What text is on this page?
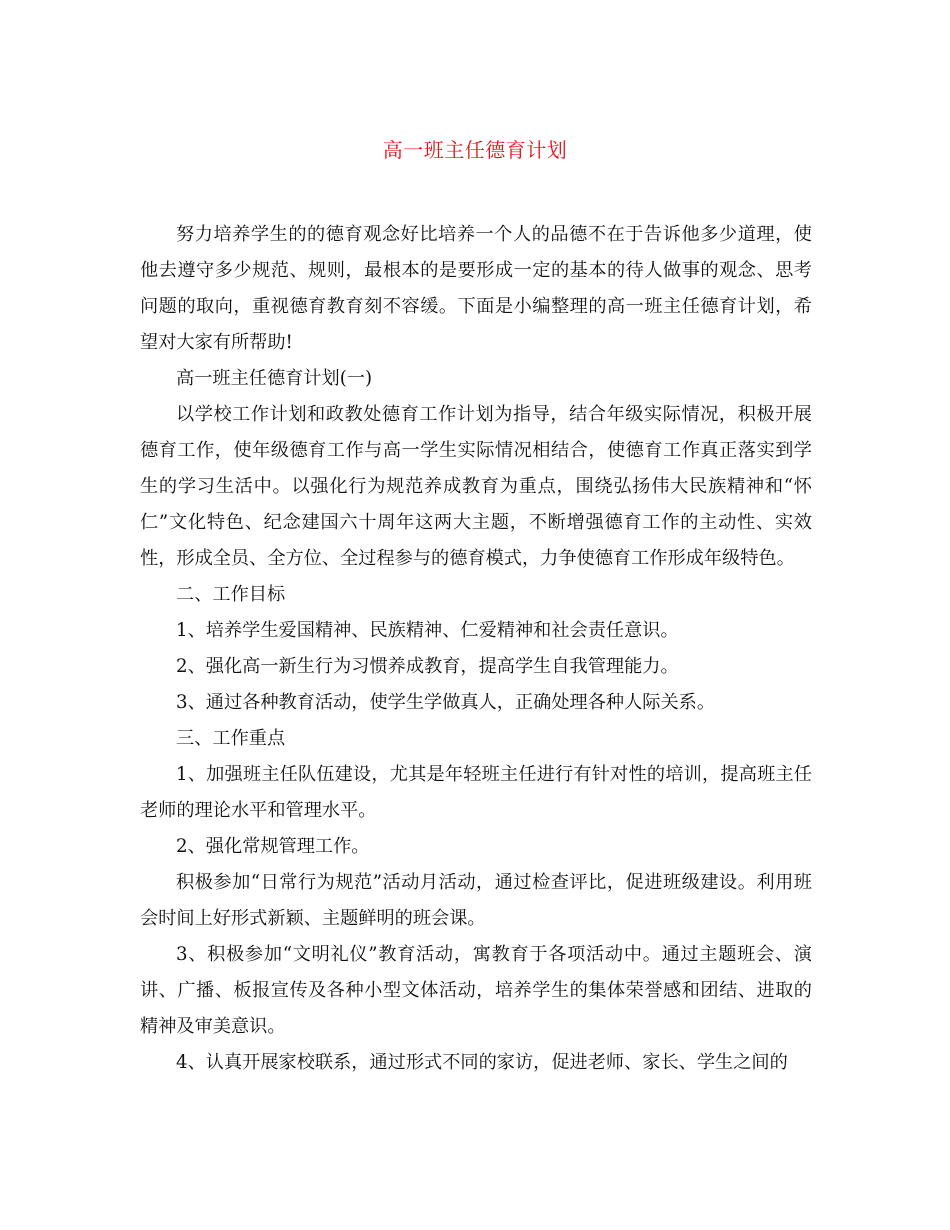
高一班主任德育计划

努力培养学生的的德育观念好比培养一个人的品德不在于告诉他多少道理，使他去遵守多少规范、规则，最根本的是要形成一定的基本的待人做事的观念、思考问题的取向，重视德育教育刻不容缓。下面是小编整理的高一班主任德育计划，希望对大家有所帮助!

高一班主任德育计划(一)

以学校工作计划和政教处德育工作计划为指导，结合年级实际情况，积极开展德育工作，使年级德育工作与高一学生实际情况相结合，使德育工作真正落实到学生的学习生活中。以强化行为规范养成教育为重点，围绕弘扬伟大民族精神和“怀仁”文化特色、纪念建国六十周年这两大主题，不断增强德育工作的主动性、实效性，形成全员、全方位、全过程参与的德育模式，力争使德育工作形成年级特色。

二、工作目标

1、培养学生爱国精神、民族精神、仁爱精神和社会责任意识。

2、强化高一新生行为习惯养成教育，提高学生自我管理能力。

3、通过各种教育活动，使学生学做真人，正确处理各种人际关系。

三、工作重点

1、加强班主任队伍建设，尤其是年轻班主任进行有针对性的培训，提高班主任老师的理论水平和管理水平。

2、强化常规管理工作。

积极参加“日常行为规范”活动月活动，通过检查评比，促进班级建设。利用班会时间上好形式新颖、主题鲜明的班会课。

3、积极参加“文明礼仪”教育活动，寓教育于各项活动中。通过主题班会、演讲、广播、板报宣传及各种小型文体活动，培养学生的集体荣誉感和团结、进取的精神及审美意识。

4、认真开展家校联系，通过形式不同的家访，促进老师、家长、学生之间的
